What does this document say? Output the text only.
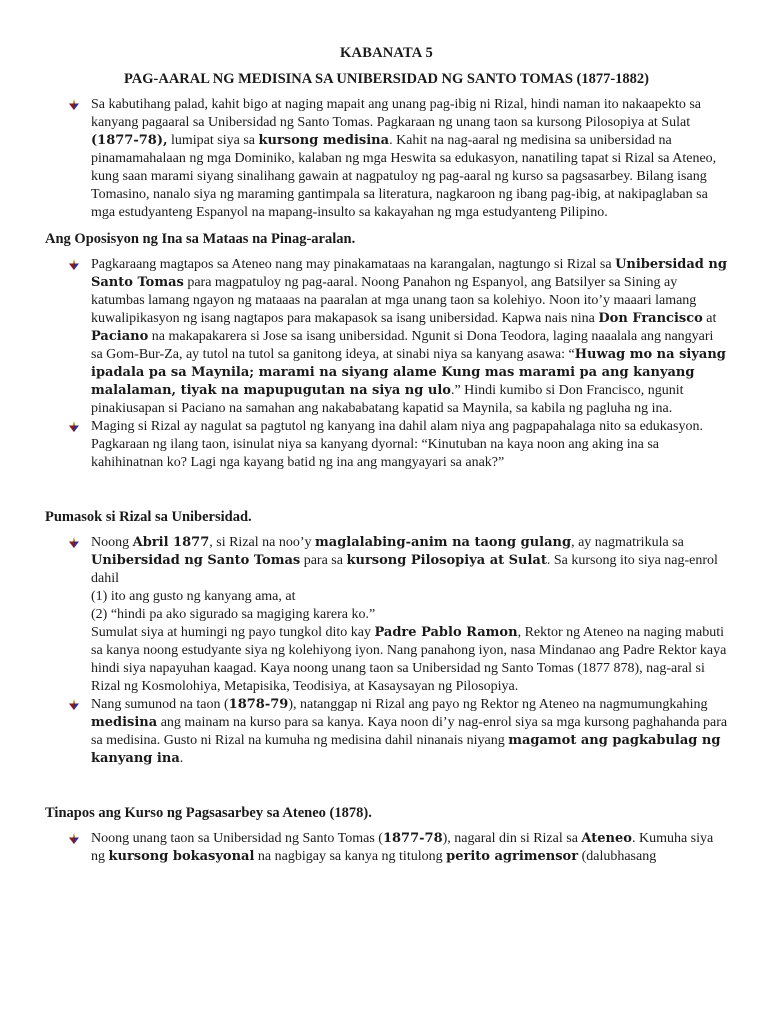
KABANATA 5
PAG-AARAL NG MEDISINA SA UNIBERSIDAD NG SANTO TOMAS (1877-1882)
Sa kabutihang palad, kahit bigo at naging mapait ang unang pag-ibig ni Rizal, hindi naman ito nakaapekto sa kanyang pagaaral sa Unibersidad ng Santo Tomas. Pagkaraan ng unang taon sa kursong Pilosopiya at Sulat (1877-78), lumipat siya sa kursong medisina. Kahit na nag-aaral ng medisina sa unibersidad na pinamamahalaan ng mga Dominiko, kalaban ng mga Heswita sa edukasyon, nanatiling tapat si Rizal sa Ateneo, kung saan marami siyang sinalihang gawain at nagpatuloy ng pag-aaral ng kurso sa pagsasarbey. Bilang isang Tomasino, nanalo siya ng maraming gantimpala sa literatura, nagkaroon ng ibang pag-ibig, at nakipaglaban sa mga estudyanteng Espanyol na mapang-insulto sa kakayahan ng mga estudyanteng Pilipino.
Ang Oposisyon ng Ina sa Mataas na Pinag-aralan.
Pagkaraang magtapos sa Ateneo nang may pinakamataas na karangalan, nagtungo si Rizal sa Unibersidad ng Santo Tomas para magpatuloy ng pag-aaral. Noong Panahon ng Espanyol, ang Batsilyer sa Sining ay katumbas lamang ngayon ng mataaas na paaralan at mga unang taon sa kolehiyo. Noon ito’y maaari lamang kuwalipikasyon ng isang nagtapos para makapasok sa isang unibersidad. Kapwa nais nina Don Francisco at Paciano na makapakarera si Jose sa isang unibersidad. Ngunit si Dona Teodora, laging naaalala ang nangyari sa Gom-Bur-Za, ay tutol na tutol sa ganitong ideya, at sinabi niya sa kanyang asawa: “Huwag mo na siyang ipadala pa sa Maynila; marami na siyang alame Kung mas marami pa ang kanyang malalaman, tiyak na mapupugutan na siya ng ulo.” Hindi kumibo si Don Francisco, ngunit pinakiusapan si Paciano na samahan ang nakababatang kapatid sa Maynila, sa kabila ng pagluha ng ina.
Maging si Rizal ay nagulat sa pagtutol ng kanyang ina dahil alam niya ang pagpapahalaga nito sa edukasyon. Pagkaraan ng ilang taon, isinulat niya sa kanyang dyornal: “Kinutuban na kaya noon ang aking ina sa kahihinatnan ko? Lagi nga kayang batid ng ina ang mangyayari sa anak?”
Pumasok si Rizal sa Unibersidad.
Noong Abril 1877, si Rizal na noo’y maglalabing-anim na taong gulang, ay nagmatrikula sa Unibersidad ng Santo Tomas para sa kursong Pilosopiya at Sulat. Sa kursong ito siya nag-enrol dahil
(1) ito ang gusto ng kanyang ama, at
(2) “hindi pa ako sigurado sa magiging karera ko.”
Sumulat siya at humingi ng payo tungkol dito kay Padre Pablo Ramon, Rektor ng Ateneo na naging mabuti sa kanya noong estudyante siya ng kolehiyong iyon. Nang panahong iyon, nasa Mindanao ang Padre Rektor kaya hindi siya napayuhan kaagad. Kaya noong unang taon sa Unibersidad ng Santo Tomas (1877 878), nag-aral si Rizal ng Kosmolohiya, Metapisika, Teodisiya, at Kasaysayan ng Pilosopiya.
Nang sumunod na taon (1878-79), natanggap ni Rizal ang payo ng Rektor ng Ateneo na nagmumungkahing medisina ang mainam na kurso para sa kanya. Kaya noon di’y nag-enrol siya sa mga kursong paghahanda para sa medisina. Gusto ni Rizal na kumuha ng medisina dahil ninanais niyang magamot ang pagkabulag ng kanyang ina.
Tinapos ang Kurso ng Pagsasarbey sa Ateneo (1878).
Noong unang taon sa Unibersidad ng Santo Tomas (1877-78), nagaral din si Rizal sa Ateneo. Kumuha siya ng kursong bokasyonal na nagbigay sa kanya ng titulong perito agrimensor (dalubhasang
